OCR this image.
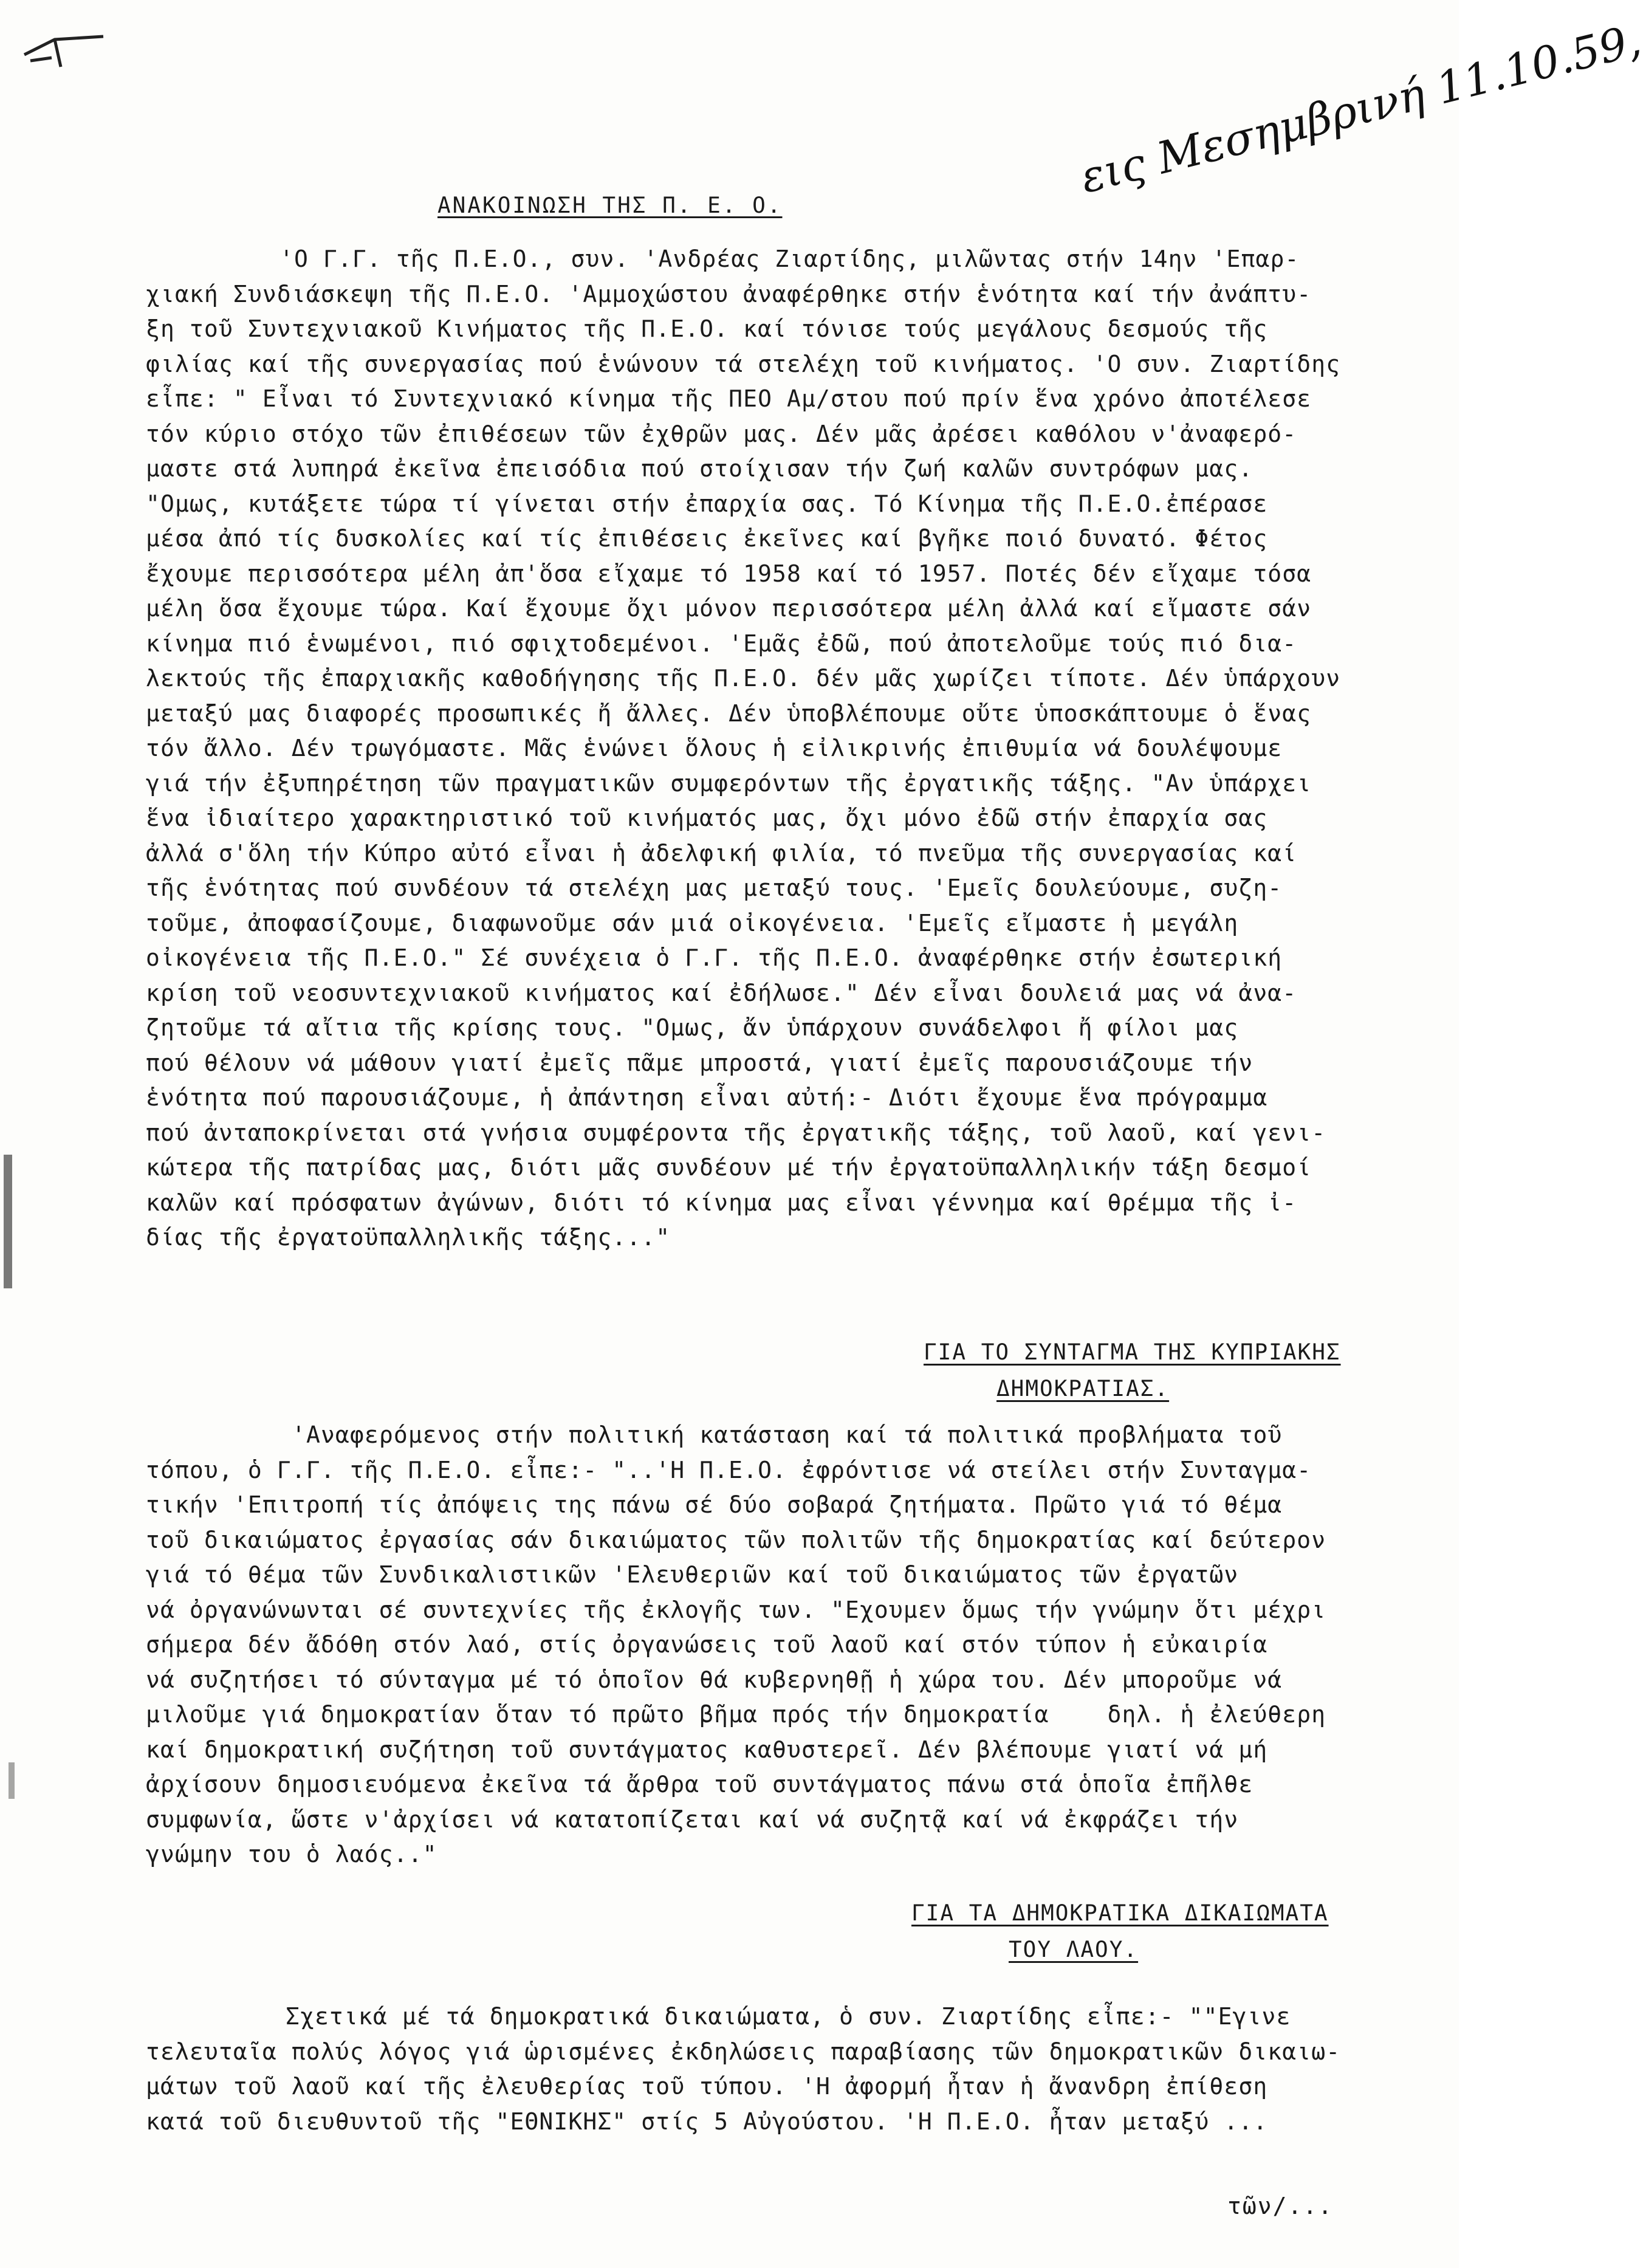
ΑΝΑΚΟΙΝΩΣΗ ΤΗΣ Π. Ε. Ο.
εις Μεσημβρινή 11.10.59,
'Ο Γ.Γ. τῆς Π.Ε.Ο., συν. 'Ανδρέας Ζιαρτίδης, μιλῶντας στήν 14ην 'Επαρ-
χιακή Συνδιάσκεψη τῆς Π.Ε.Ο. 'Αμμοχώστου ἀναφέρθηκε στήν ἑνότητα καί τήν ἀνάπτυ-
ξη τοῦ Συντεχνιακοῦ Κινήματος τῆς Π.Ε.Ο. καί τόνισε τούς μεγάλους δεσμούς τῆς
φιλίας καί τῆς συνεργασίας πού ἑνώνουν τά στελέχη τοῦ κινήματος. 'Ο συν. Ζιαρτίδης
εἶπε: " Εἶναι τό Συντεχνιακό κίνημα τῆς ΠΕΟ Αμ/στου πού πρίν ἕνα χρόνο ἀποτέλεσε
τόν κύριο στόχο τῶν ἐπιθέσεων τῶν ἐχθρῶν μας. Δέν μᾶς ἀρέσει καθόλου ν'ἀναφερό-
μαστε στά λυπηρά ἐκεῖνα ἐπεισόδια πού στοίχισαν τήν ζωή καλῶν συντρόφων μας.
"Ομως, κυτάξετε τώρα τί γίνεται στήν ἐπαρχία σας. Τό Κίνημα τῆς Π.Ε.Ο.ἐπέρασε
μέσα ἀπό τίς δυσκολίες καί τίς ἐπιθέσεις ἐκεῖνες καί βγῆκε ποιό δυνατό. Φέτος
ἔχουμε περισσότερα μέλη ἀπ'ὅσα εἴχαμε τό 1958 καί τό 1957. Ποτές δέν εἴχαμε τόσα
μέλη ὅσα ἔχουμε τώρα. Καί ἔχουμε ὄχι μόνον περισσότερα μέλη ἀλλά καί εἴμαστε σάν
κίνημα πιό ἑνωμένοι, πιό σφιχτοδεμένοι. 'Εμᾶς ἐδῶ, πού ἀποτελοῦμε τούς πιό δια-
λεκτούς τῆς ἐπαρχιακῆς καθοδήγησης τῆς Π.Ε.Ο. δέν μᾶς χωρίζει τίποτε. Δέν ὑπάρχουν
μεταξύ μας διαφορές προσωπικές ἤ ἄλλες. Δέν ὑποβλέπουμε οὔτε ὑποσκάπτουμε ὁ ἕνας
τόν ἄλλο. Δέν τρωγόμαστε. Μᾶς ἑνώνει ὅλους ἡ εἰλικρινής ἐπιθυμία νά δουλέψουμε
γιά τήν ἐξυπηρέτηση τῶν πραγματικῶν συμφερόντων τῆς ἐργατικῆς τάξης. "Αν ὑπάρχει
ἕνα ἰδιαίτερο χαρακτηριστικό τοῦ κινήματός μας, ὄχι μόνο ἐδῶ στήν ἐπαρχία σας
ἀλλά σ'ὅλη τήν Κύπρο αὐτό εἶναι ἡ ἀδελφική φιλία, τό πνεῦμα τῆς συνεργασίας καί
τῆς ἑνότητας πού συνδέουν τά στελέχη μας μεταξύ τους. 'Εμεῖς δουλεύουμε, συζη-
τοῦμε, ἀποφασίζουμε, διαφωνοῦμε σάν μιά οἰκογένεια. 'Εμεῖς εἴμαστε ἡ μεγάλη
οἰκογένεια τῆς Π.Ε.Ο." Σέ συνέχεια ὁ Γ.Γ. τῆς Π.Ε.Ο. ἀναφέρθηκε στήν ἐσωτερική
κρίση τοῦ νεοσυντεχνιακοῦ κινήματος καί ἐδήλωσε." Δέν εἶναι δουλειά μας νά ἀνα-
ζητοῦμε τά αἴτια τῆς κρίσης τους. "Ομως, ἄν ὑπάρχουν συνάδελφοι ἤ φίλοι μας
πού θέλουν νά μάθουν γιατί ἐμεῖς πᾶμε μπροστά, γιατί ἐμεῖς παρουσιάζουμε τήν
ἑνότητα πού παρουσιάζουμε, ἡ ἀπάντηση εἶναι αὐτή:- Διότι ἔχουμε ἕνα πρόγραμμα
πού ἀνταποκρίνεται στά γνήσια συμφέροντα τῆς ἐργατικῆς τάξης, τοῦ λαοῦ, καί γενι-
κώτερα τῆς πατρίδας μας, διότι μᾶς συνδέουν μέ τήν ἐργατοϋπαλληλικήν τάξη δεσμοί
καλῶν καί πρόσφατων ἀγώνων, διότι τό κίνημα μας εἶναι γέννημα καί θρέμμα τῆς ἰ-
δίας τῆς ἐργατοϋπαλληλικῆς τάξης..."
ΓΙΑ ΤΟ ΣΥΝΤΑΓΜΑ ΤΗΣ ΚΥΠΡΙΑΚΗΣ
ΔΗΜΟΚΡΑΤΙΑΣ.
'Αναφερόμενος στήν πολιτική κατάσταση καί τά πολιτικά προβλήματα τοῦ
τόπου, ὁ Γ.Γ. τῆς Π.Ε.Ο. εἶπε:- "..'Η Π.Ε.Ο. ἐφρόντισε νά στείλει στήν Συνταγμα-
τικήν 'Επιτροπή τίς ἀπόψεις της πάνω σέ δύο σοβαρά ζητήματα. Πρῶτο γιά τό θέμα
τοῦ δικαιώματος ἐργασίας σάν δικαιώματος τῶν πολιτῶν τῆς δημοκρατίας καί δεύτερον
γιά τό θέμα τῶν Συνδικαλιστικῶν 'Ελευθεριῶν καί τοῦ δικαιώματος τῶν ἐργατῶν
νά ὀργανώνωνται σέ συντεχνίες τῆς ἐκλογῆς των. "Εχουμεν ὅμως τήν γνώμην ὅτι μέχρι
σήμερα δέν ἄδόθη στόν λαό, στίς ὀργανώσεις τοῦ λαοῦ καί στόν τύπον ἡ εὐκαιρία
νά συζητήσει τό σύνταγμα μέ τό ὁποῖον θά κυβερνηθῇ ἡ χώρα του. Δέν μποροῦμε νά
μιλοῦμε γιά δημοκρατίαν ὅταν τό πρῶτο βῆμα πρός τήν δημοκρατία    δηλ. ἡ ἐλεύθερη
καί δημοκρατική συζήτηση τοῦ συντάγματος καθυστερεῖ. Δέν βλέπουμε γιατί νά μή
ἀρχίσουν δημοσιευόμενα ἐκεῖνα τά ἄρθρα τοῦ συντάγματος πάνω στά ὁποῖα ἐπῆλθε
συμφωνία, ὥστε ν'ἀρχίσει νά κατατοπίζεται καί νά συζητᾷ καί νά ἐκφράζει τήν
γνώμην του ὁ λαός.."
ΓΙΑ ΤΑ ΔΗΜΟΚΡΑΤΙΚΑ ΔΙΚΑΙΩΜΑΤΑ
ΤΟΥ ΛΑΟΥ.
Σχετικά μέ τά δημοκρατικά δικαιώματα, ὁ συν. Ζιαρτίδης εἶπε:- ""Εγινε
τελευταῖα πολύς λόγος γιά ὡρισμένες ἐκδηλώσεις παραβίασης τῶν δημοκρατικῶν δικαιω-
μάτων τοῦ λαοῦ καί τῆς ἐλευθερίας τοῦ τύπου. 'Η ἀφορμή ἦταν ἡ ἄνανδρη ἐπίθεση
κατά τοῦ διευθυντοῦ τῆς "ΕΘΝΙΚΗΣ" στίς 5 Αὐγούστου. 'Η Π.Ε.Ο. ἦταν μεταξύ ...
τῶν/...
